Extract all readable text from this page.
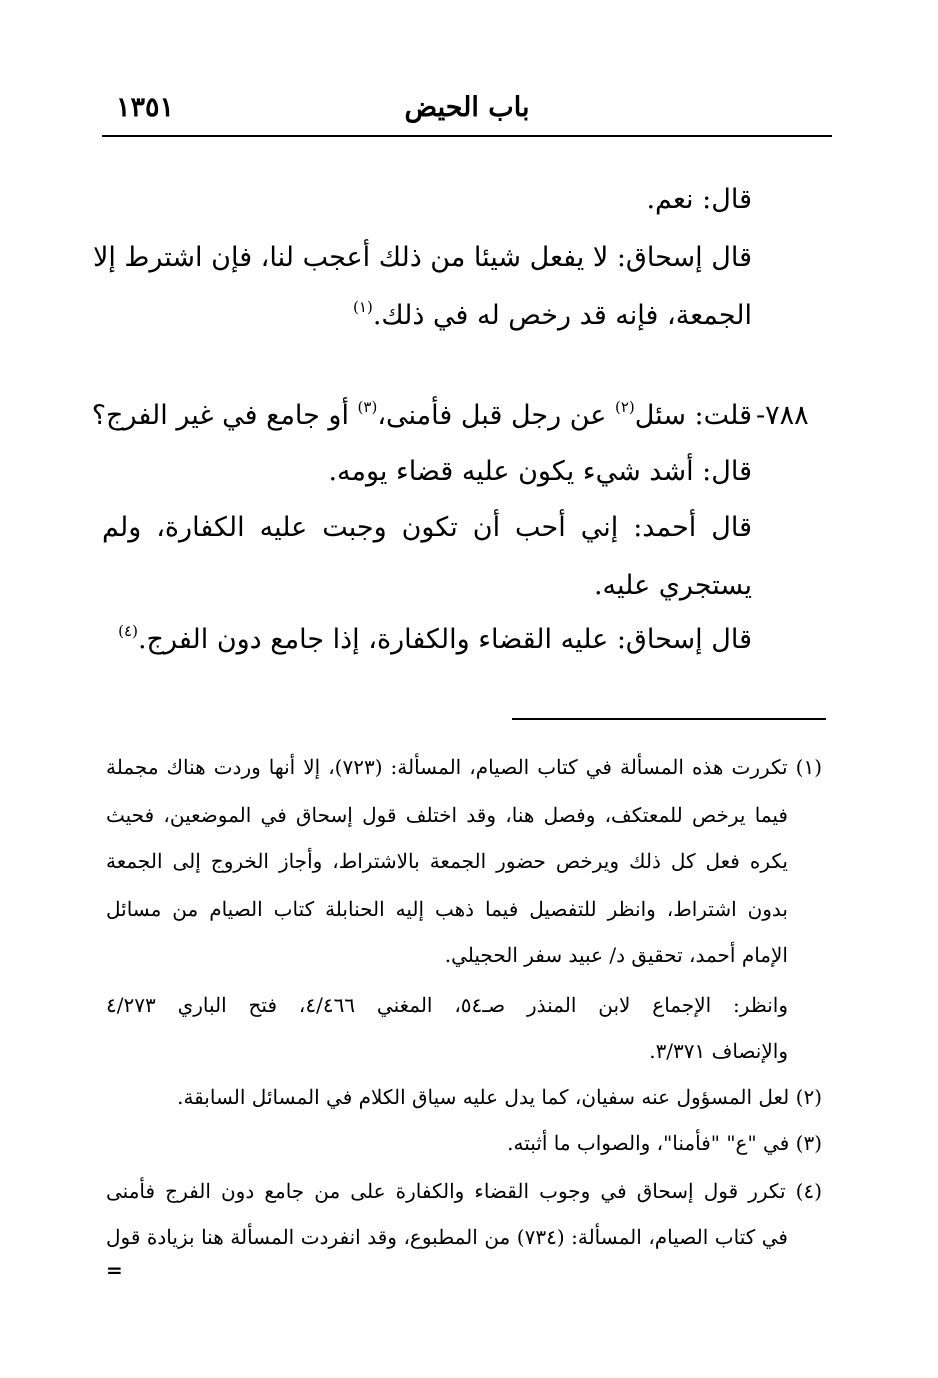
١٣٥١	باب الحيض
قال: نعم.
قال إسحاق: لا يفعل شيئا من ذلك أعجب لنا، فإن اشترط إلا
الجمعة، فإنه قد رخص له في ذلك.$^{(١)}$
قلت: سئل$^{(٢)}$ عن رجل قبل فأمنى،$^{(٣)}$ أو جامع في غير الفرج؟
قال: أشد شيء يكون عليه قضاء يومه.
قال أحمد: إني أحب أن تكون وجبت عليه الكفارة، ولم
يستجري عليه.
قال إسحاق: عليه القضاء والكفارة، إذا جامع دون الفرج.$^{(٤)}$
٧٨٨-
(١) تكررت هذه المسألة في كتاب الصيام، المسألة: (٧٢٣)، إلا أنها وردت هناك مجملة
فيما يرخص للمعتكف، وفصل هنا، وقد اختلف قول إسحاق في الموضعين، فحيث
يكره فعل كل ذلك ويرخص حضور الجمعة بالاشتراط، وأجاز الخروج إلى الجمعة
بدون اشتراط، وانظر للتفصيل فيما ذهب إليه الحنابلة كتاب الصيام من مسائل
الإمام أحمد، تحقيق د/ عبيد سفر الحجيلي.
وانظر: الإجماع لابن المنذر صـ٥٤، المغني ٤/٤٦٦، فتح الباري ٤/٢٧٣
والإنصاف ٣/٣٧١.
(٢) لعل المسؤول عنه سفيان، كما يدل عليه سياق الكلام في المسائل السابقة.
(٣) في "ع" "فأمنا"، والصواب ما أثبته.
(٤) تكرر قول إسحاق في وجوب القضاء والكفارة على من جامع دون الفرج فأمنى
في كتاب الصيام، المسألة: (٧٣٤) من المطبوع، وقد انفردت المسألة هنا بزيادة قول
=
